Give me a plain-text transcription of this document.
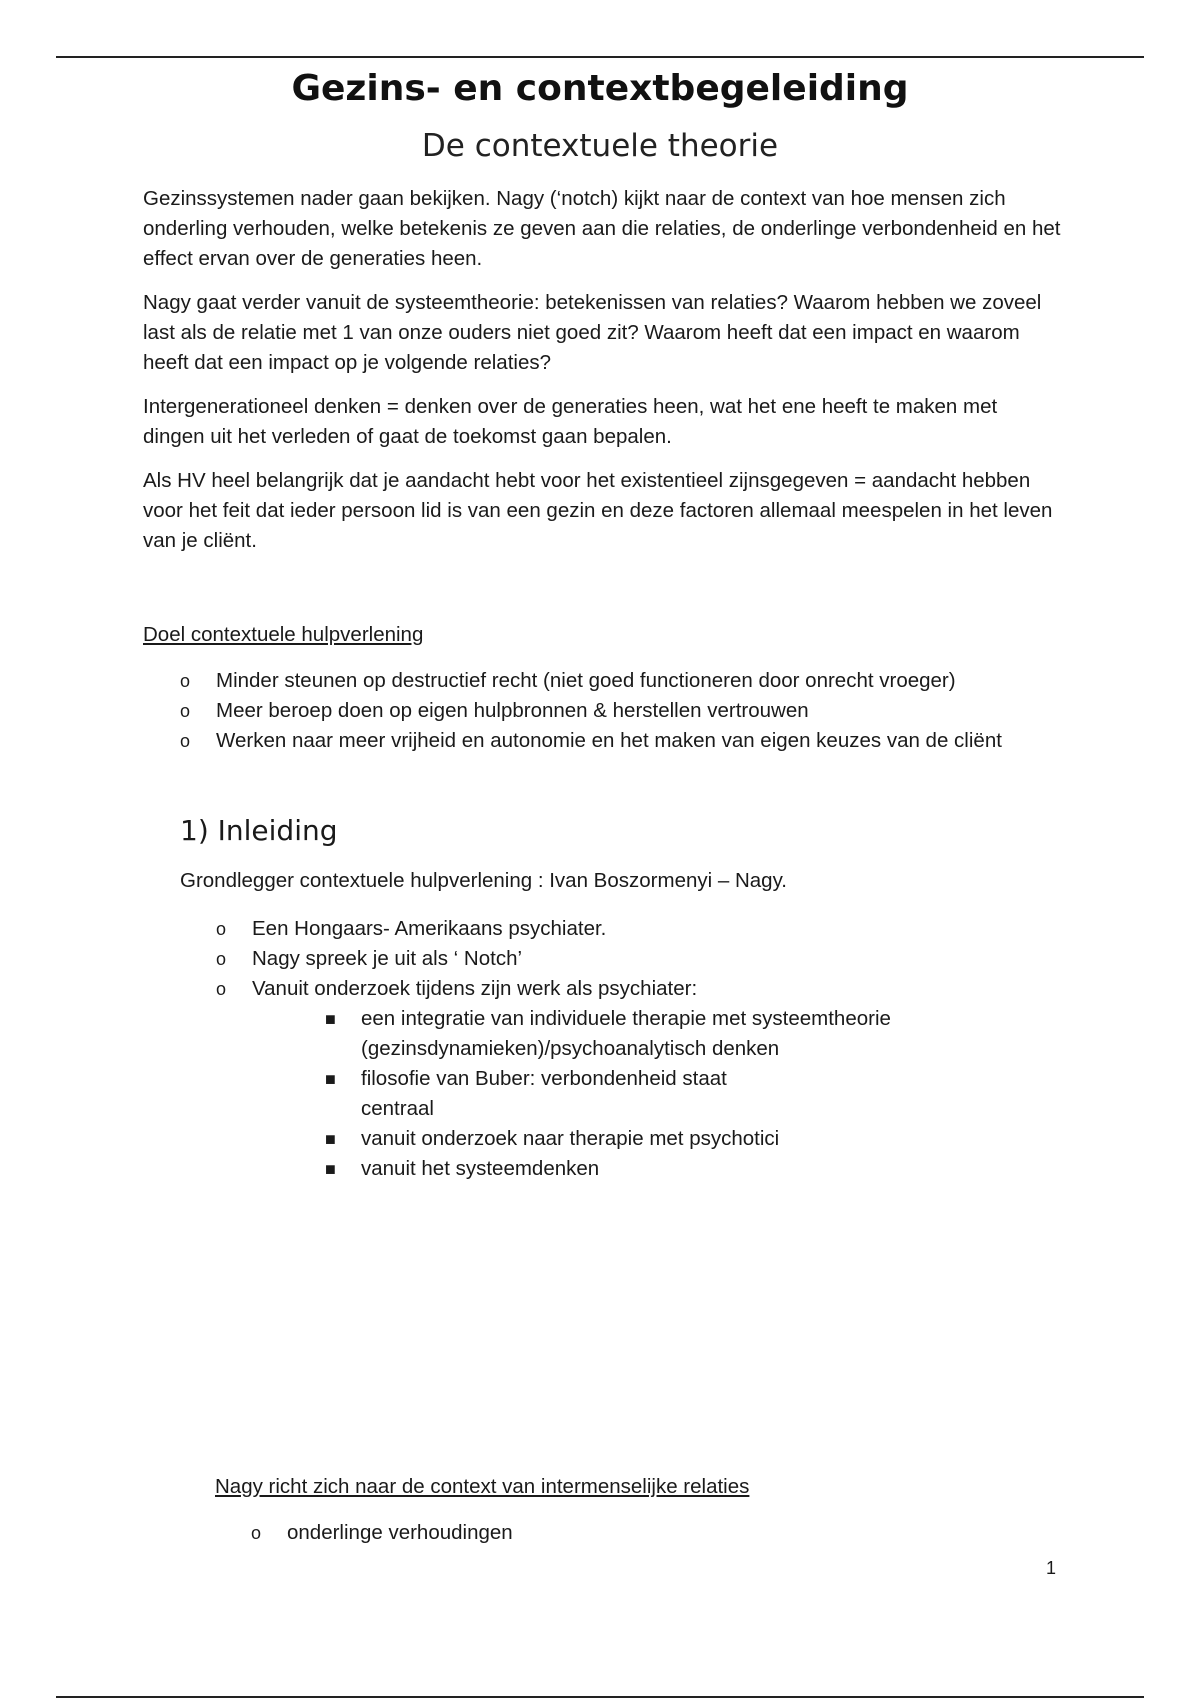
Gezins- en contextbegeleiding
De contextuele theorie

Gezinssystemen nader gaan bekijken. Nagy (‘notch) kijkt naar de context van hoe mensen zich onderling verhouden, welke betekenis ze geven aan die relaties, de onderlinge verbondenheid en het effect ervan over de generaties heen.

Nagy gaat verder vanuit de systeemtheorie: betekenissen van relaties? Waarom hebben we zoveel last als de relatie met 1 van onze ouders niet goed zit? Waarom heeft dat een impact en waarom heeft dat een impact op je volgende relaties?

Intergenerationeel denken = denken over de generaties heen, wat het ene heeft te maken met dingen uit het verleden of gaat de toekomst gaan bepalen.

Als HV heel belangrijk dat je aandacht hebt voor het existentieel zijnsgegeven = aandacht hebben voor het feit dat ieder persoon lid is van een gezin en deze factoren allemaal meespelen in het leven van je cliënt.

Doel contextuele hulpverlening
o	Minder steunen op destructief recht (niet goed functioneren door onrecht vroeger)
o	Meer beroep doen op eigen hulpbronnen & herstellen vertrouwen
o	Werken naar meer vrijheid en autonomie en het maken van eigen keuzes van de cliënt
1) Inleiding
Grondlegger contextuele hulpverlening : Ivan Boszormenyi – Nagy.
o	Een Hongaars- Amerikaans psychiater.
o	Nagy spreek je uit als ‘ Notch’
o	Vanuit onderzoek tijdens zijn werk als psychiater:
■	een integratie van individuele therapie met systeemtheorie (gezinsdynamieken)/psychoanalytisch denken
■	filosofie van Buber: verbondenheid staat centraal
■	vanuit onderzoek naar therapie met psychotici
■	vanuit het systeemdenken
Nagy richt zich naar de context van intermenselijke relaties
o	onderlinge verhoudingen
1
